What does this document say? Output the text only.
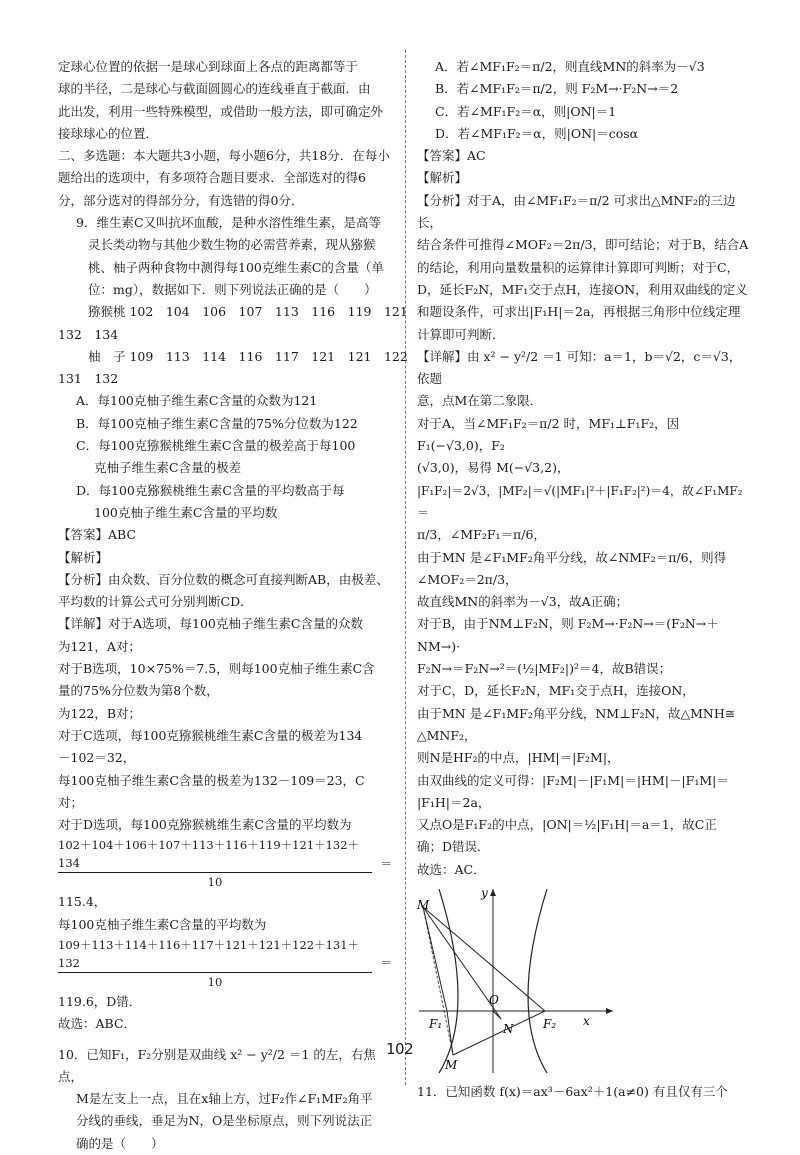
定球心位置的依据一是球心到球面上各点的距离都等于

球的半径，二是球心与截面圆圆心的连线垂直于截面．由

此出发，利用一些特殊模型，或借助一般方法，即可确定外

接球球心的位置．

二、多选题：本大题共3小题，每小题6分，共18分．在每小

题给出的选项中，有多项符合题目要求．全部选对的得6

分，部分选对的得部分分，有选错的得0分．

9．维生素C又叫抗坏血酸，是种水溶性维生素，是高等

灵长类动物与其他少数生物的必需营养素，现从猕猴

桃、柚子两种食物中测得每100克维生素C的含量（单

位：mg），数据如下．则下列说法正确的是（　　）

猕猴桃 102　104　106　107　113　116　119　121

132　134

柚　子 109　113　114　116　117　121　121　122

131　132

A．每100克柚子维生素C含量的众数为121

B．每100克柚子维生素C含量的75%分位数为122

C．每100克猕猴桃维生素C含量的极差高于每100

克柚子维生素C含量的极差

D．每100克猕猴桃维生素C含量的平均数高于每

100克柚子维生素C含量的平均数

【答案】ABC

【解析】

【分析】由众数、百分位数的概念可直接判断AB，由极差、

平均数的计算公式可分别判断CD．

【详解】对于A选项，每100克柚子维生素C含量的众数

为121，A对；

对于B选项，10×75%＝7.5，则每100克柚子维生素C含

量的75%分位数为第8个数，

为122，B对；

对于C选项，每100克猕猴桃维生素C含量的极差为134

－102＝32，

每100克柚子维生素C含量的极差为132－109＝23，C

对；

对于D选项，每100克猕猴桃维生素C含量的平均数为

$\frac{102+104+106+107+113+116+119+121+132+134}{10}$ ＝

115.4，

每100克柚子维生素C含量的平均数为

$\frac{109+113+114+116+117+121+121+122+131+132}{10}$ ＝

119.6，D错．

故选：ABC．

10．已知F₁，F₂分别是双曲线 x² − y²/2 ＝1 的左，右焦点，

M是左支上一点，且在x轴上方，过F₂作∠F₁MF₂角平

分线的垂线，垂足为N，O是坐标原点，则下列说法正

确的是（　　）

A．若∠MF₁F₂＝π/2，则直线MN的斜率为－√3

B．若∠MF₁F₂＝π/2，则 F₂M→·F₂N→＝2

C．若∠MF₁F₂＝α，则|ON|＝1

D．若∠MF₁F₂＝α，则|ON|＝cosα

【答案】AC

【解析】

【分析】对于A，由∠MF₁F₂＝π/2 可求出△MNF₂的三边长，

结合条件可推得∠MOF₂＝2π/3，即可结论；对于B，结合A

的结论，利用向量数量积的运算律计算即可判断；对于C，

D，延长F₂N，MF₁交于点H，连接ON，利用双曲线的定义

和题设条件，可求出|F₁H|＝2a，再根据三角形中位线定理

计算即可判断．

【详解】由 x² − y²/2 ＝1 可知：a＝1，b＝√2，c＝√3，依题

意，点M在第二象限．

对于A，当∠MF₁F₂＝π/2 时，MF₁⊥F₁F₂，因F₁(−√3,0)，F₂

(√3,0)，易得 M(−√3,2)，

|F₁F₂|＝2√3，|MF₂|＝√(|MF₁|²＋|F₁F₂|²)＝4，故∠F₁MF₂＝

π/3，∠MF₂F₁＝π/6，

由于MN 是∠F₁MF₂角平分线，故∠NMF₂＝π/6，则得

∠MOF₂＝2π/3，

故直线MN的斜率为－√3，故A正确；

对于B，由于NM⊥F₂N，则 F₂M→·F₂N→＝(F₂N→＋NM→)·

F₂N→＝F₂N→²＝(½|MF₂|)²＝4，故B错误；

对于C，D，延长F₂N，MF₁交于点H，连接ON，

由于MN 是∠F₁MF₂角平分线，NM⊥F₂N，故△MNH≅

△MNF₂，

则N是HF₂的中点，|HM|＝|F₂M|，

由双曲线的定义可得：|F₂M|－|F₁M|＝|HM|－|F₁M|＝

|F₁H|＝2a，

又点O是F₁F₂的中点，|ON|＝½|F₁H|＝a＝1，故C正

确；D错误．

故选：AC．

M
y
O
F₁	N F₂ x
M

11．已知函数 f(x)＝ax³－6ax²＋1(a≠0) 有且仅有三个

102
